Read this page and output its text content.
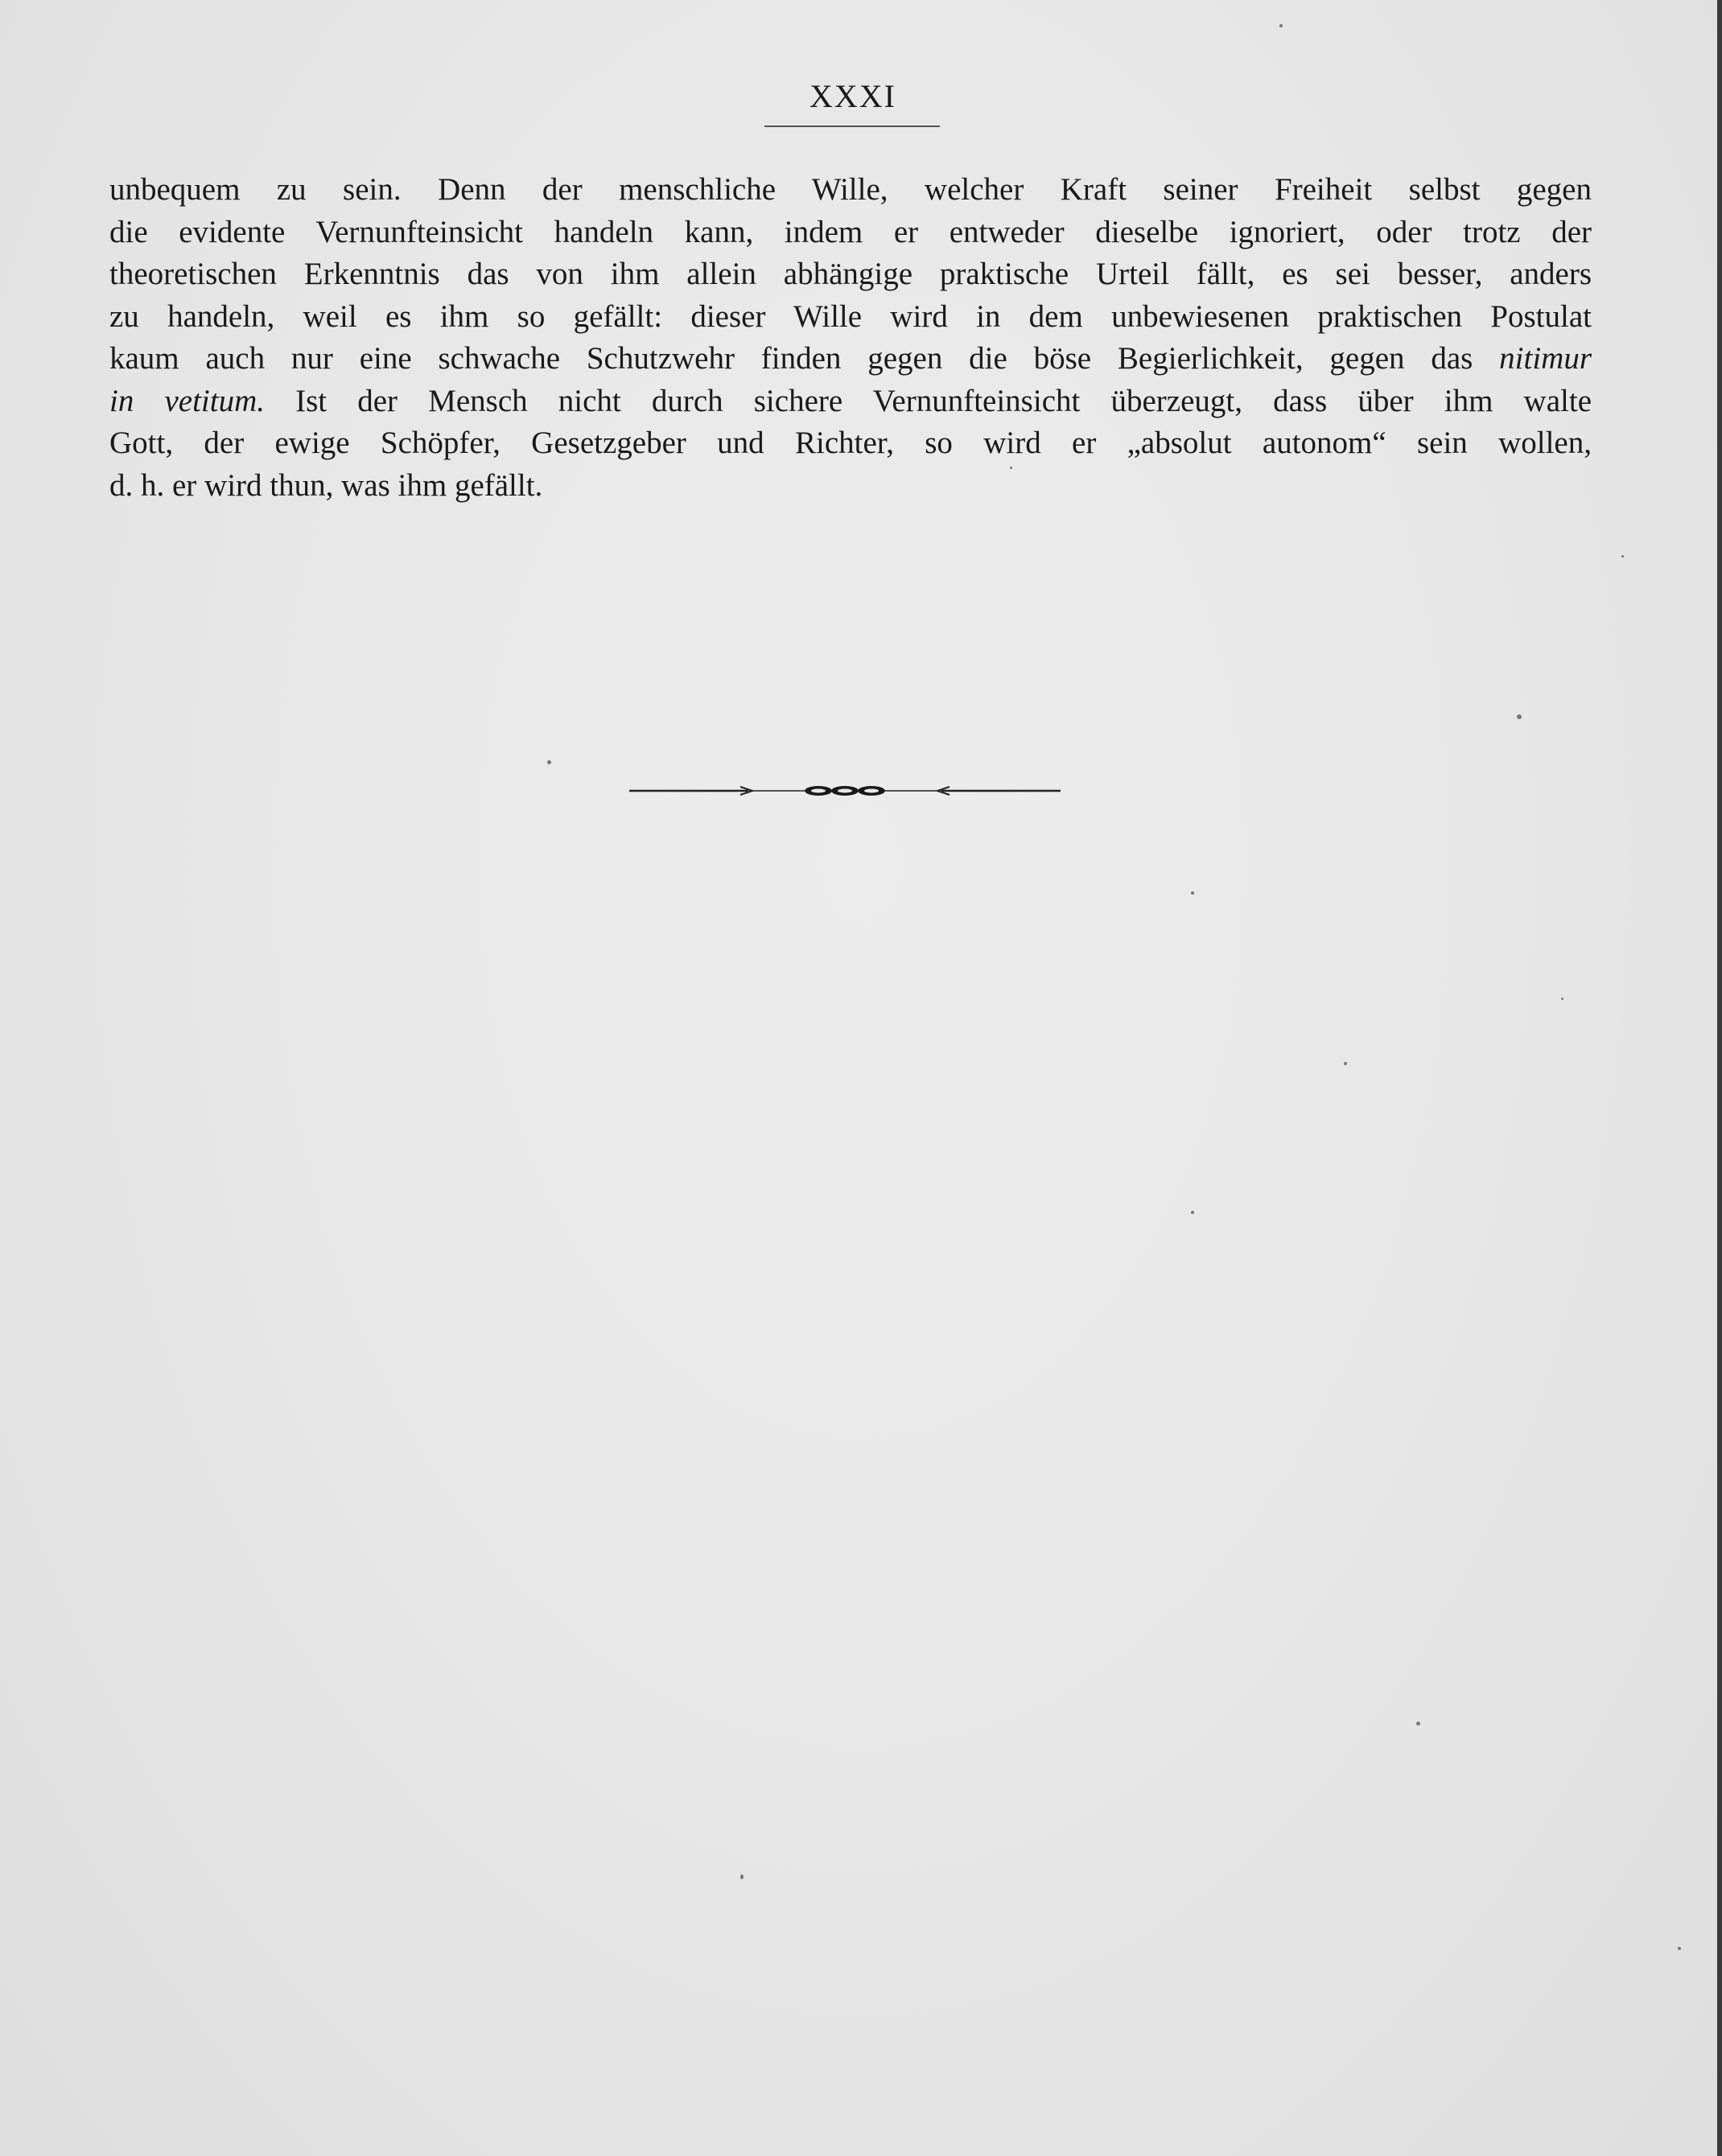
XXXI
unbequem zu sein. Denn der menschliche Wille, welcher Kraft seiner Freiheit selbst gegen
die evidente Vernunfteinsicht handeln kann, indem er entweder dieselbe ignoriert, oder trotz der
theoretischen Erkenntnis das von ihm allein abhängige praktische Urteil fällt, es sei besser, anders
zu handeln, weil es ihm so gefällt: dieser Wille wird in dem unbewiesenen praktischen Postulat
kaum auch nur eine schwache Schutzwehr finden gegen die böse Begierlichkeit, gegen das nitimur
in vetitum. Ist der Mensch nicht durch sichere Vernunfteinsicht überzeugt, dass über ihm walte
Gott, der ewige Schöpfer, Gesetzgeber und Richter, so wird er „absolut autonom“ sein wollen,
d. h. er wird thun, was ihm gefällt.
